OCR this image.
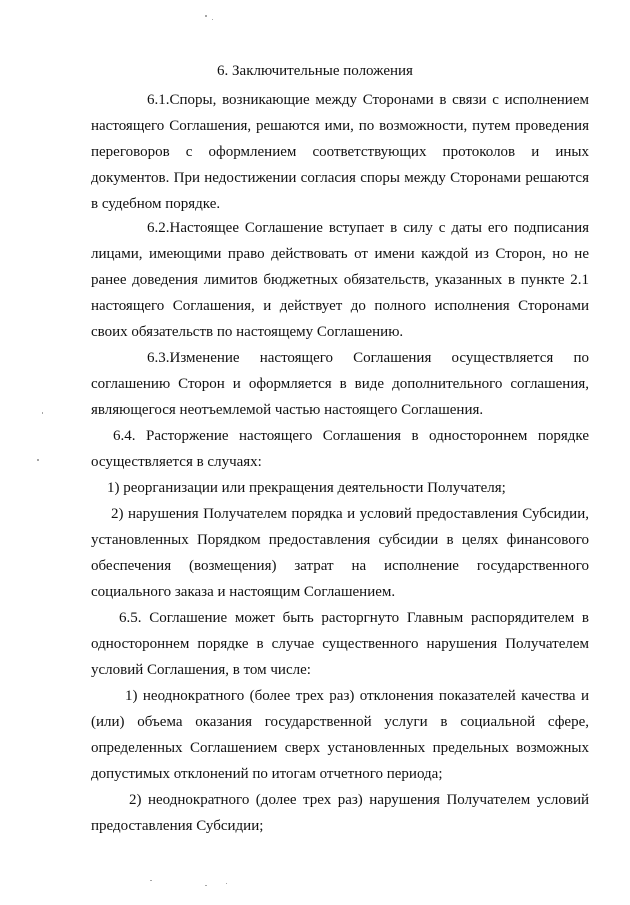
6. Заключительные положения
6.1.Споры, возникающие между Сторонами в связи с исполнением настоящего Соглашения, решаются ими, по возможности, путем проведения переговоров с оформлением соответствующих протоколов и иных документов. При недостижении согласия споры между Сторонами решаются в судебном порядке.
6.2.Настоящее Соглашение вступает в силу с даты его подписания лицами, имеющими право действовать от имени каждой из Сторон, но не ранее доведения лимитов бюджетных обязательств, указанных в пункте 2.1 настоящего Соглашения, и действует до полного исполнения Сторонами своих обязательств по настоящему Соглашению.
6.3.Изменение настоящего Соглашения осуществляется по соглашению Сторон и оформляется в виде дополнительного соглашения, являющегося неотъемлемой частью настоящего Соглашения.
6.4. Расторжение настоящего Соглашения в одностороннем порядке осуществляется в случаях:
1) реорганизации или прекращения деятельности Получателя;
2) нарушения Получателем порядка и условий предоставления Субсидии, установленных Порядком предоставления субсидии в целях финансового обеспечения (возмещения) затрат на исполнение государственного социального заказа и настоящим Соглашением.
6.5. Соглашение может быть расторгнуто Главным распорядителем в одностороннем порядке в случае существенного нарушения Получателем условий Соглашения, в том числе:
1) неоднократного (более трех раз) отклонения показателей качества и (или) объема оказания государственной услуги в социальной сфере, определенных Соглашением сверх установленных предельных возможных допустимых отклонений по итогам отчетного периода;
2) неоднократного (долее трех раз) нарушения Получателем условий предоставления Субсидии;
